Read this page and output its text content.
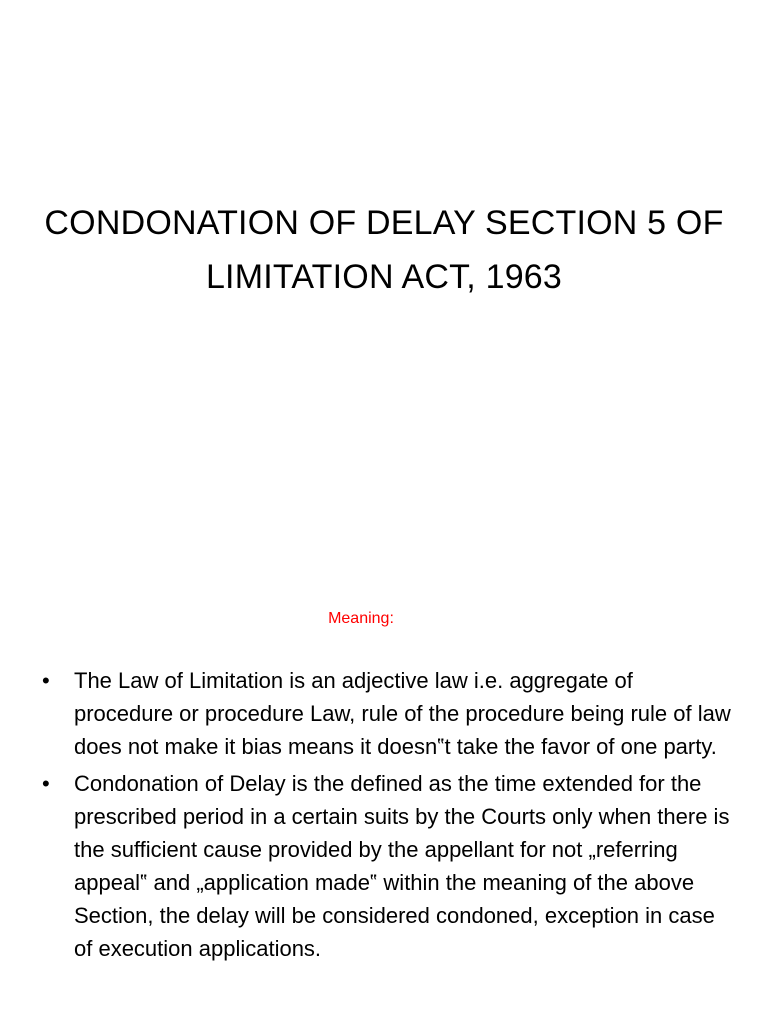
CONDONATION OF DELAY SECTION 5 OF LIMITATION ACT, 1963
Meaning:
• The Law of Limitation is an adjective law i.e. aggregate of procedure or procedure Law, rule of the procedure being rule of law does not make it bias means it doesn‟t take the favor of one party.
• Condonation of Delay is the defined as the time extended for the prescribed period in a certain suits by the Courts only when there is the sufficient cause provided by the appellant for not „referring appeal‟ and „application made‟ within the meaning of the above Section, the delay will be considered condoned, exception in case of execution applications.
